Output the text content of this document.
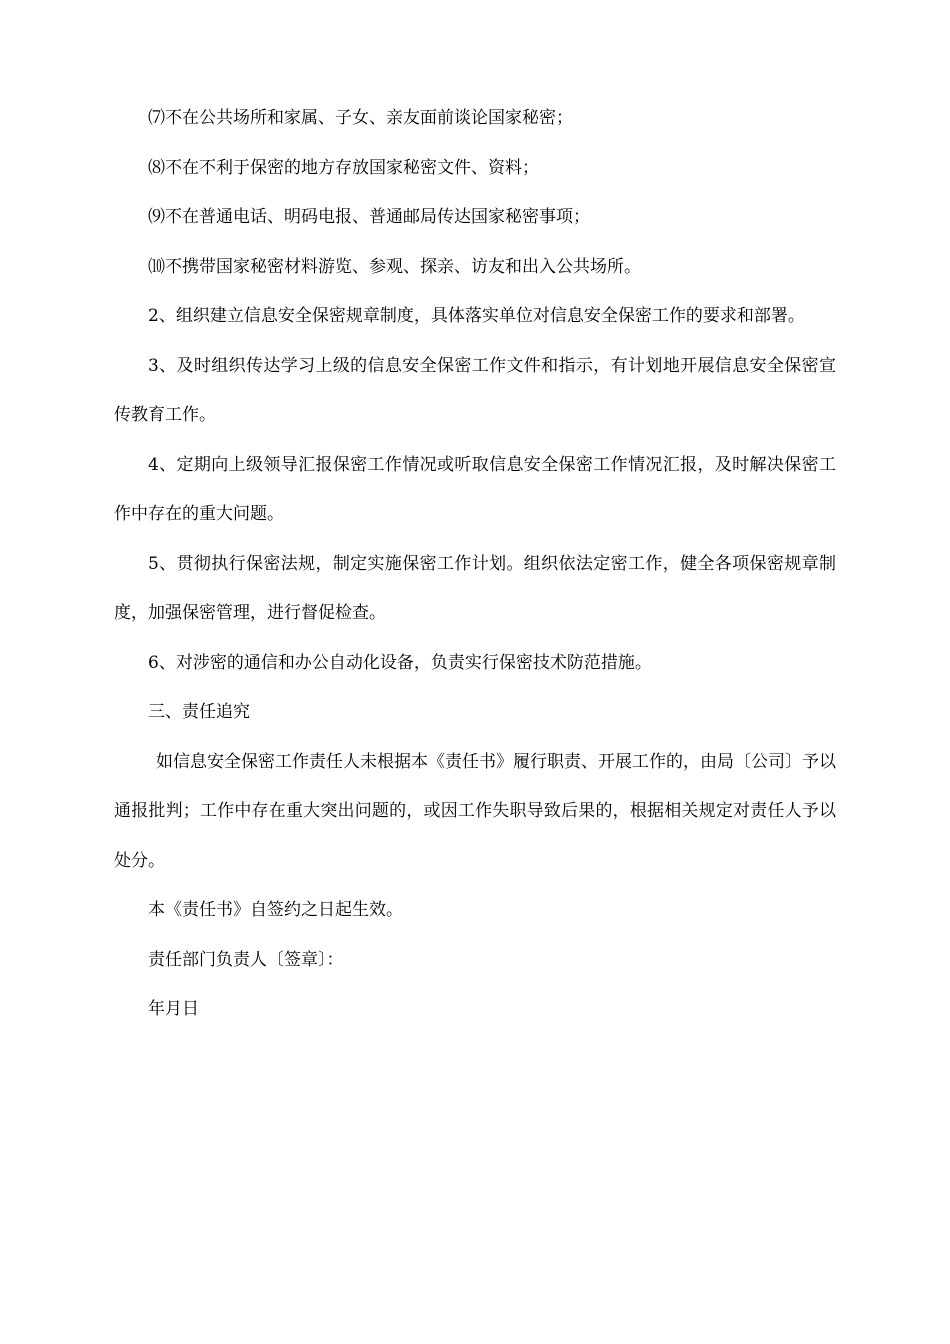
⑺不在公共场所和家属、子女、亲友面前谈论国家秘密；

⑻不在不利于保密的地方存放国家秘密文件、资料；

⑼不在普通电话、明码电报、普通邮局传达国家秘密事项；

⑽不携带国家秘密材料游览、参观、探亲、访友和出入公共场所。

2、组织建立信息安全保密规章制度，具体落实单位对信息安全保密工作的要求和部署。

3、及时组织传达学习上级的信息安全保密工作文件和指示，有计划地开展信息安全保密宣传教育工作。

4、定期向上级领导汇报保密工作情况或听取信息安全保密工作情况汇报，及时解决保密工作中存在的重大问题。

5、贯彻执行保密法规，制定实施保密工作计划。组织依法定密工作，健全各项保密规章制度，加强保密管理，进行督促检查。

6、对涉密的通信和办公自动化设备，负责实行保密技术防范措施。

三、责任追究

如信息安全保密工作责任人未根据本《责任书》履行职责、开展工作的，由局〔公司〕予以通报批判；工作中存在重大突出问题的，或因工作失职导致后果的，根据相关规定对责任人予以处分。

本《责任书》自签约之日起生效。

责任部门负责人〔签章〕：

年月日
